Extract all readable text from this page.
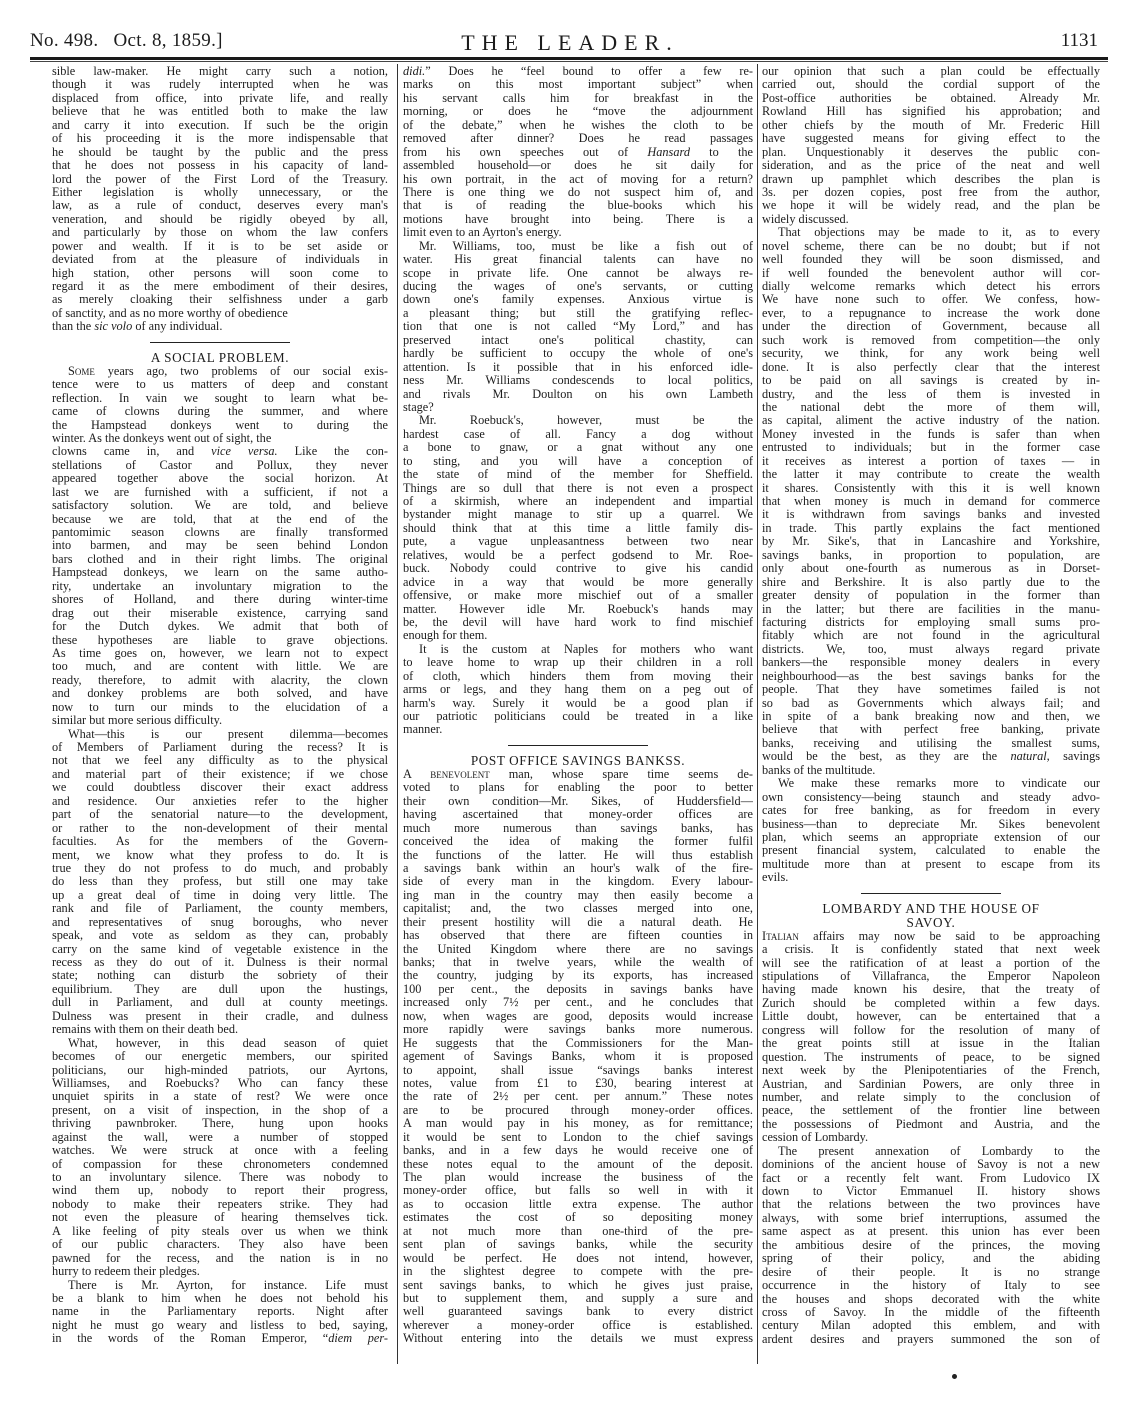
No. 498. Oct. 8, 1859.]	THE LEADER.	1131
sible law-maker. He might carry such a notion,
though it was rudely interrupted when he was
displaced from office, into private life, and really
believe that he was entitled both to make the law
and carry it into execution. If such be the origin
of his proceeding it is the more indispensable that
he should be taught by the public and the press
that he does not possess in his capacity of land-
lord the power of the First Lord of the Treasury.
Either legislation is wholly unnecessary, or the
law, as a rule of conduct, deserves every man's
veneration, and should be rigidly obeyed by all,
and particularly by those on whom the law confers
power and wealth. If it is to be set aside or
deviated from at the pleasure of individuals in
high station, other persons will soon come to
regard it as the mere embodiment of their desires,
as merely cloaking their selfishness under a garb
of sanctity, and as no more worthy of obedience
than the sic volo of any individual.
A SOCIAL PROBLEM.
Some years ago, two problems of our social exis-
tence were to us matters of deep and constant
reflection. In vain we sought to learn what be-
came of clowns during the summer, and where
the Hampstead donkeys went to during the
winter. As the donkeys went out of sight, the
clowns came in, and vice versa. Like the con-
stellations of Castor and Pollux, they never
appeared together above the social horizon. At
last we are furnished with a sufficient, if not a
satisfactory solution. We are told, and believe
because we are told, that at the end of the
pantomimic season clowns are finally transformed
into barmen, and may be seen behind London
bars clothed and in their right limbs. The original
Hampstead donkeys, we learn on the same autho-
rity, undertake an involuntary migration to the
shores of Holland, and there during winter-time
drag out their miserable existence, carrying sand
for the Dutch dykes. We admit that both of
these hypotheses are liable to grave objections.
As time goes on, however, we learn not to expect
too much, and are content with little. We are
ready, therefore, to admit with alacrity, the clown
and donkey problems are both solved, and have
now to turn our minds to the elucidation of a
similar but more serious difficulty.
What—this is our present dilemma—becomes
of Members of Parliament during the recess? It is
not that we feel any difficulty as to the physical
and material part of their existence; if we chose
we could doubtless discover their exact address
and residence. Our anxieties refer to the higher
part of the senatorial nature—to the development,
or rather to the non-development of their mental
faculties. As for the members of the Govern-
ment, we know what they profess to do. It is
true they do not profess to do much, and probably
do less than they profess, but still one may take
up a great deal of time in doing very little. The
rank and file of Parliament, the county members,
and representatives of snug boroughs, who never
speak, and vote as seldom as they can, probably
carry on the same kind of vegetable existence in the
recess as they do out of it. Dulness is their normal
state; nothing can disturb the sobriety of their
equilibrium. They are dull upon the hustings,
dull in Parliament, and dull at county meetings.
Dulness was present in their cradle, and dulness
remains with them on their death bed.
What, however, in this dead season of quiet
becomes of our energetic members, our spirited
politicians, our high-minded patriots, our Ayrtons,
Williamses, and Roebucks? Who can fancy these
unquiet spirits in a state of rest? We were once
present, on a visit of inspection, in the shop of a
thriving pawnbroker. There, hung upon hooks
against the wall, were a number of stopped
watches. We were struck at once with a feeling
of compassion for these chronometers condemned
to an involuntary silence. There was nobody to
wind them up, nobody to report their progress,
nobody to make their repeaters strike. They had
not even the pleasure of hearing themselves tick.
A like feeling of pity steals over us when we think
of our public characters. They also have been
pawned for the recess, and the nation is in no
hurry to redeem their pledges.
There is Mr. Ayrton, for instance. Life must
be a blank to him when he does not behold his
name in the Parliamentary reports. Night after
night he must go weary and listless to bed, saying,
in the words of the Roman Emperor, “diem per-
didi.” Does he “feel bound to offer a few re-
marks on this most important subject” when
his servant calls him for breakfast in the
morning, or does he “move the adjournment
of the debate,” when he wishes the cloth to be
removed after dinner? Does he read passages
from his own speeches out of Hansard to the
assembled household—or does he sit daily for
his own portrait, in the act of moving for a return?
There is one thing we do not suspect him of, and
that is of reading the blue-books which his
motions have brought into being. There is a
limit even to an Ayrton's energy.
Mr. Williams, too, must be like a fish out of
water. His great financial talents can have no
scope in private life. One cannot be always re-
ducing the wages of one's servants, or cutting
down one's family expenses. Anxious virtue is
a pleasant thing; but still the gratifying reflec-
tion that one is not called “My Lord,” and has
preserved intact one's political chastity, can
hardly be sufficient to occupy the whole of one's
attention. Is it possible that in his enforced idle-
ness Mr. Williams condescends to local politics,
and rivals Mr. Doulton on his own Lambeth
stage?
Mr. Roebuck's, however, must be the
hardest case of all. Fancy a dog without
a bone to gnaw, or a gnat without any one
to sting, and you will have a conception of
the state of mind of the member for Sheffield.
Things are so dull that there is not even a prospect
of a skirmish, where an independent and impartial
bystander might manage to stir up a quarrel. We
should think that at this time a little family dis-
pute, a vague unpleasantness between two near
relatives, would be a perfect godsend to Mr. Roe-
buck. Nobody could contrive to give his candid
advice in a way that would be more generally
offensive, or make more mischief out of a smaller
matter. However idle Mr. Roebuck's hands may
be, the devil will have hard work to find mischief
enough for them.
It is the custom at Naples for mothers who want
to leave home to wrap up their children in a roll
of cloth, which hinders them from moving their
arms or legs, and they hang them on a peg out of
harm's way. Surely it would be a good plan if
our patriotic politicians could be treated in a like
manner.
POST OFFICE SAVINGS BANKSS.
A benevolent man, whose spare time seems de-
voted to plans for enabling the poor to better
their own condition—Mr. Sikes, of Huddersfield—
having ascertained that money-order offices are
much more numerous than savings banks, has
conceived the idea of making the former fulfil
the functions of the latter. He will thus establish
a savings bank within an hour's walk of the fire-
side of every man in the kingdom. Every labour-
ing man in the country may then easily become a
capitalist; and, the two classes merged into one,
their present hostility will die a natural death. He
has observed that there are fifteen counties in
the United Kingdom where there are no savings
banks; that in twelve years, while the wealth of
the country, judging by its exports, has increased
100 per cent., the deposits in savings banks have
increased only 7½ per cent., and he concludes that
now, when wages are good, deposits would increase
more rapidly were savings banks more numerous.
He suggests that the Commissioners for the Man-
agement of Savings Banks, whom it is proposed
to appoint, shall issue “savings banks interest
notes, value from £1 to £30, bearing interest at
the rate of 2½ per cent. per annum.” These notes
are to be procured through money-order offices.
A man would pay in his money, as for remittance;
it would be sent to London to the chief savings
banks, and in a few days he would receive one of
these notes equal to the amount of the deposit.
The plan would increase the business of the
money-order office, but falls so well in with it
as to occasion little extra expense. The author
estimates the cost of so depositing money
at not much more than one-third of the pre-
sent plan of savings banks, while the security
would be perfect. He does not intend, however,
in the slightest degree to compete with the pre-
sent savings banks, to which he gives just praise,
but to supplement them, and supply a sure and
well guaranteed savings bank to every district
wherever a money-order office is established.
Without entering into the details we must express
our opinion that such a plan could be effectually
carried out, should the cordial support of the
Post-office authorities be obtained. Already Mr.
Rowland Hill has signified his approbation; and
other chiefs by the mouth of Mr. Frederic Hill
have suggested means for giving effect to the
plan. Unquestionably it deserves the public con-
sideration, and as the price of the neat and well
drawn up pamphlet which describes the plan is
3s. per dozen copies, post free from the author,
we hope it will be widely read, and the plan be
widely discussed.
That objections may be made to it, as to every
novel scheme, there can be no doubt; but if not
well founded they will be soon dismissed, and
if well founded the benevolent author will cor-
dially welcome remarks which detect his errors
We have none such to offer. We confess, how-
ever, to a repugnance to increase the work done
under the direction of Government, because all
such work is removed from competition—the only
security, we think, for any work being well
done. It is also perfectly clear that the interest
to be paid on all savings is created by in-
dustry, and the less of them is invested in
the national debt the more of them will,
as capital, aliment the active industry of the nation.
Money invested in the funds is safer than when
entrusted to individuals; but in the former case
it receives as interest a portion of taxes — in
the latter it may contribute to create the wealth
it shares. Consistently with this it is well known
that when money is much in demand for commerce
it is withdrawn from savings banks and invested
in trade. This partly explains the fact mentioned
by Mr. Sike's, that in Lancashire and Yorkshire,
savings banks, in proportion to population, are
only about one-fourth as numerous as in Dorset-
shire and Berkshire. It is also partly due to the
greater density of population in the former than
in the latter; but there are facilities in the manu-
facturing districts for employing small sums pro-
fitably which are not found in the agricultural
districts. We, too, must always regard private
bankers—the responsible money dealers in every
neighbourhood—as the best savings banks for the
people. That they have sometimes failed is not
so bad as Governments which always fail; and
in spite of a bank breaking now and then, we
believe that with perfect free banking, private
banks, receiving and utilising the smallest sums,
would be the best, as they are the natural, savings
banks of the multitude.
We make these remarks more to vindicate our
own consistency—being staunch and steady advo-
cates for free banking, as for freedom in every
business—than to depreciate Mr. Sikes benevolent
plan, which seems an appropriate extension of our
present financial system, calculated to enable the
multitude more than at present to escape from its
evils.
LOMBARDY AND THE HOUSE OF
SAVOY.
Italian affairs may now be said to be approaching
a crisis. It is confidently stated that next week
will see the ratification of at least a portion of the
stipulations of Villafranca, the Emperor Napoleon
having made known his desire, that the treaty of
Zurich should be completed within a few days.
Little doubt, however, can be entertained that a
congress will follow for the resolution of many of
the great points still at issue in the Italian
question. The instruments of peace, to be signed
next week by the Plenipotentiaries of the French,
Austrian, and Sardinian Powers, are only three in
number, and relate simply to the conclusion of
peace, the settlement of the frontier line between
the possessions of Piedmont and Austria, and the
cession of Lombardy.
The present annexation of Lombardy to the
dominions of the ancient house of Savoy is not a new
fact or a recently felt want. From Ludovico IX
down to Victor Emmanuel II. history shows
that the relations between the two provinces have
always, with some brief interruptions, assumed the
same aspect as at present. this union has ever been
the ambitious desire of the princes, the moving
spring of their policy, and the abiding
desire of their people. It is no strange
occurrence in the history of Italy to see
the houses and shops decorated with the white
cross of Savoy. In the middle of the fifteenth
century Milan adopted this emblem, and with
ardent desires and prayers summoned the son of
